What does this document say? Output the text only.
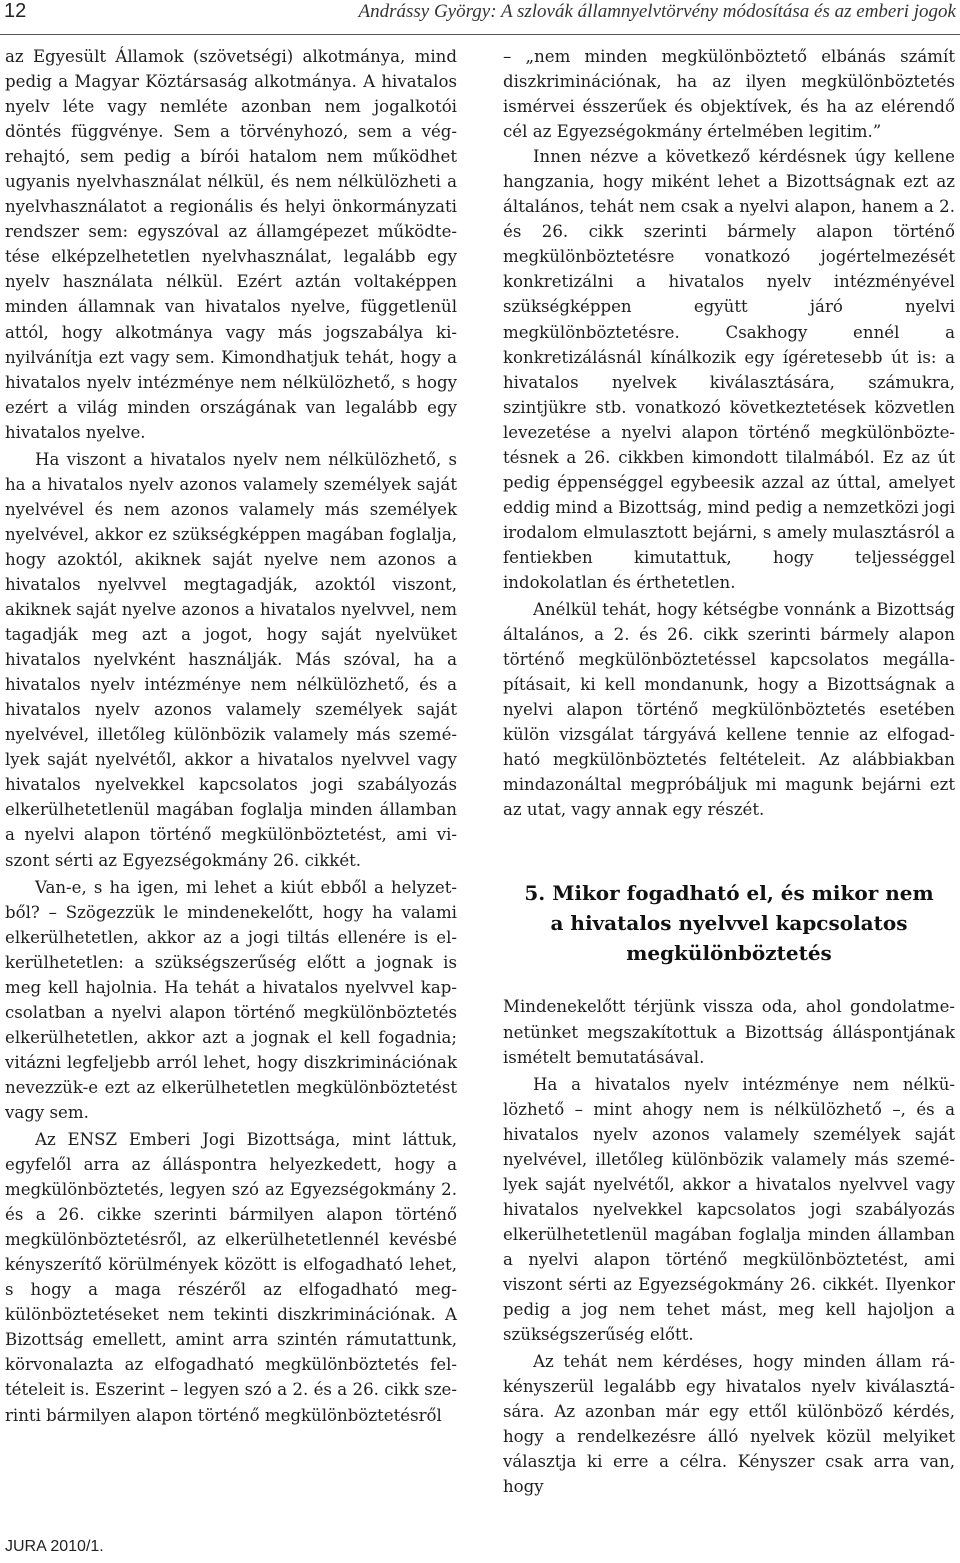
12	Andrássy György: A szlovák államnyelvtörvény módosítása és az emberi jogok

az Egyesült Államok (szövetségi) alkotmánya, mind pedig a Magyar Köztársaság alkotmánya. A hivatalos nyelv léte vagy nemléte azonban nem jogalkotói döntés függvénye. Sem a törvényhozó, sem a végrehajtó, sem pedig a bírói hatalom nem működhet ugyanis nyelvhasználat nélkül, és nem nélkülözheti a nyelvhasználatot a regionális és helyi önkormányzati rendszer sem: egyszóval az államgépezet működtetése elképzelhetetlen nyelvhasználat, legalább egy nyelv használata nélkül. Ezért aztán voltaképpen minden államnak van hivatalos nyelve, függetlenül attól, hogy alkotmánya vagy más jogszabálya kinyilvánítja ezt vagy sem. Kimondhatjuk tehát, hogy a hivatalos nyelv intézménye nem nélkülözhető, s hogy ezért a világ minden országának van legalább egy hivatalos nyelve.

Ha viszont a hivatalos nyelv nem nélkülözhető, s ha a hivatalos nyelv azonos valamely személyek saját nyelvével és nem azonos valamely más személyek nyelvével, akkor ez szükségképpen magában foglalja, hogy azoktól, akiknek saját nyelve nem azonos a hivatalos nyelvvel megtagadják, azoktól viszont, akiknek saját nyelve azonos a hivatalos nyelvvel, nem tagadják meg azt a jogot, hogy saját nyelvüket hivatalos nyelvként használják. Más szóval, ha a hivatalos nyelv intézménye nem nélkülözhető, és a hivatalos nyelv azonos valamely személyek saját nyelvével, illetőleg különbözik valamely más személyek saját nyelvétől, akkor a hivatalos nyelvvel vagy hivatalos nyelvekkel kapcsolatos jogi szabályozás elkerülhetetlenül magában foglalja minden államban a nyelvi alapon történő megkülönböztetést, ami viszont sérti az Egyezségokmány 26. cikkét.

Van-e, s ha igen, mi lehet a kiút ebből a helyzetből? – Szögezzük le mindenekelőtt, hogy ha valami elkerülhetetlen, akkor az a jogi tiltás ellenére is elkerülhetetlen: a szükségszerűség előtt a jognak is meg kell hajolnia. Ha tehát a hivatalos nyelvvel kapcsolatban a nyelvi alapon történő megkülönböztetés elkerülhetetlen, akkor azt a jognak el kell fogadnia; vitázni legfeljebb arról lehet, hogy diszkriminációnak nevezzük-e ezt az elkerülhetetlen megkülönböztetést vagy sem.

Az ENSZ Emberi Jogi Bizottsága, mint láttuk, egyfelől arra az álláspontra helyezkedett, hogy a megkülönböztetés, legyen szó az Egyezségokmány 2. és a 26. cikke szerinti bármilyen alapon történő megkülönböztetésről, az elkerülhetetlennél kevésbé kényszerítő körülmények között is elfogadható lehet, s hogy a maga részéről az elfogadható megkülönböztetéseket nem tekinti diszkriminációnak. A Bizottság emellett, amint arra szintén rámutattunk, körvonalazta az elfogadható megkülönböztetés feltételeit is. Eszerint – legyen szó a 2. és a 26. cikk szerinti bármilyen alapon történő megkülönböztetésről

– „nem minden megkülönböztető elbánás számít diszkriminációnak, ha az ilyen megkülönböztetés ismérvei ésszerűek és objektívek, és ha az elérendő cél az Egyezségokmány értelmében legitim.”

Innen nézve a következő kérdésnek úgy kellene hangzania, hogy miként lehet a Bizottságnak ezt az általános, tehát nem csak a nyelvi alapon, hanem a 2. és 26. cikk szerinti bármely alapon történő megkülönböztetésre vonatkozó jogértelmezését konkretizálni a hivatalos nyelv intézményével szükségképpen együtt járó nyelvi megkülönböztetésre. Csakhogy ennél a konkretizálásnál kínálkozik egy ígéretesebb út is: a hivatalos nyelvek kiválasztására, számukra, szintjükre stb. vonatkozó következtetések közvetlen levezetése a nyelvi alapon történő megkülönböztetésnek a 26. cikkben kimondott tilalmából. Ez az út pedig éppenséggel egybeesik azzal az úttal, amelyet eddig mind a Bizottság, mind pedig a nemzetközi jogi irodalom elmulasztott bejárni, s amely mulasztásról a fentiekben kimutattuk, hogy teljességgel indokolatlan és érthetetlen.

Anélkül tehát, hogy kétségbe vonnánk a Bizottság általános, a 2. és 26. cikk szerinti bármely alapon történő megkülönböztetéssel kapcsolatos megállapításait, ki kell mondanunk, hogy a Bizottságnak a nyelvi alapon történő megkülönböztetés esetében külön vizsgálat tárgyává kellene tennie az elfogadható megkülönböztetés feltételeit. Az alábbiakban mindazonáltal megpróbáljuk mi magunk bejárni ezt az utat, vagy annak egy részét.

5. Mikor fogadható el, és mikor nem
a hivatalos nyelvvel kapcsolatos
megkülönböztetés

Mindenekelőtt térjünk vissza oda, ahol gondolatmenetünket megszakítottuk a Bizottság álláspontjának ismételt bemutatásával.

Ha a hivatalos nyelv intézménye nem nélkülözhető – mint ahogy nem is nélkülözhető –, és a hivatalos nyelv azonos valamely személyek saját nyelvével, illetőleg különbözik valamely más személyek saját nyelvétől, akkor a hivatalos nyelvvel vagy hivatalos nyelvekkel kapcsolatos jogi szabályozás elkerülhetetlenül magában foglalja minden államban a nyelvi alapon történő megkülönböztetést, ami viszont sérti az Egyezségokmány 26. cikkét. Ilyenkor pedig a jog nem tehet mást, meg kell hajoljon a szükségszerűség előtt.

Az tehát nem kérdéses, hogy minden állam rákényszerül legalább egy hivatalos nyelv kiválasztására. Az azonban már egy ettől különböző kérdés, hogy a rendelkezésre álló nyelvek közül melyiket választja ki erre a célra. Kényszer csak arra van, hogy

JURA 2010/1.
